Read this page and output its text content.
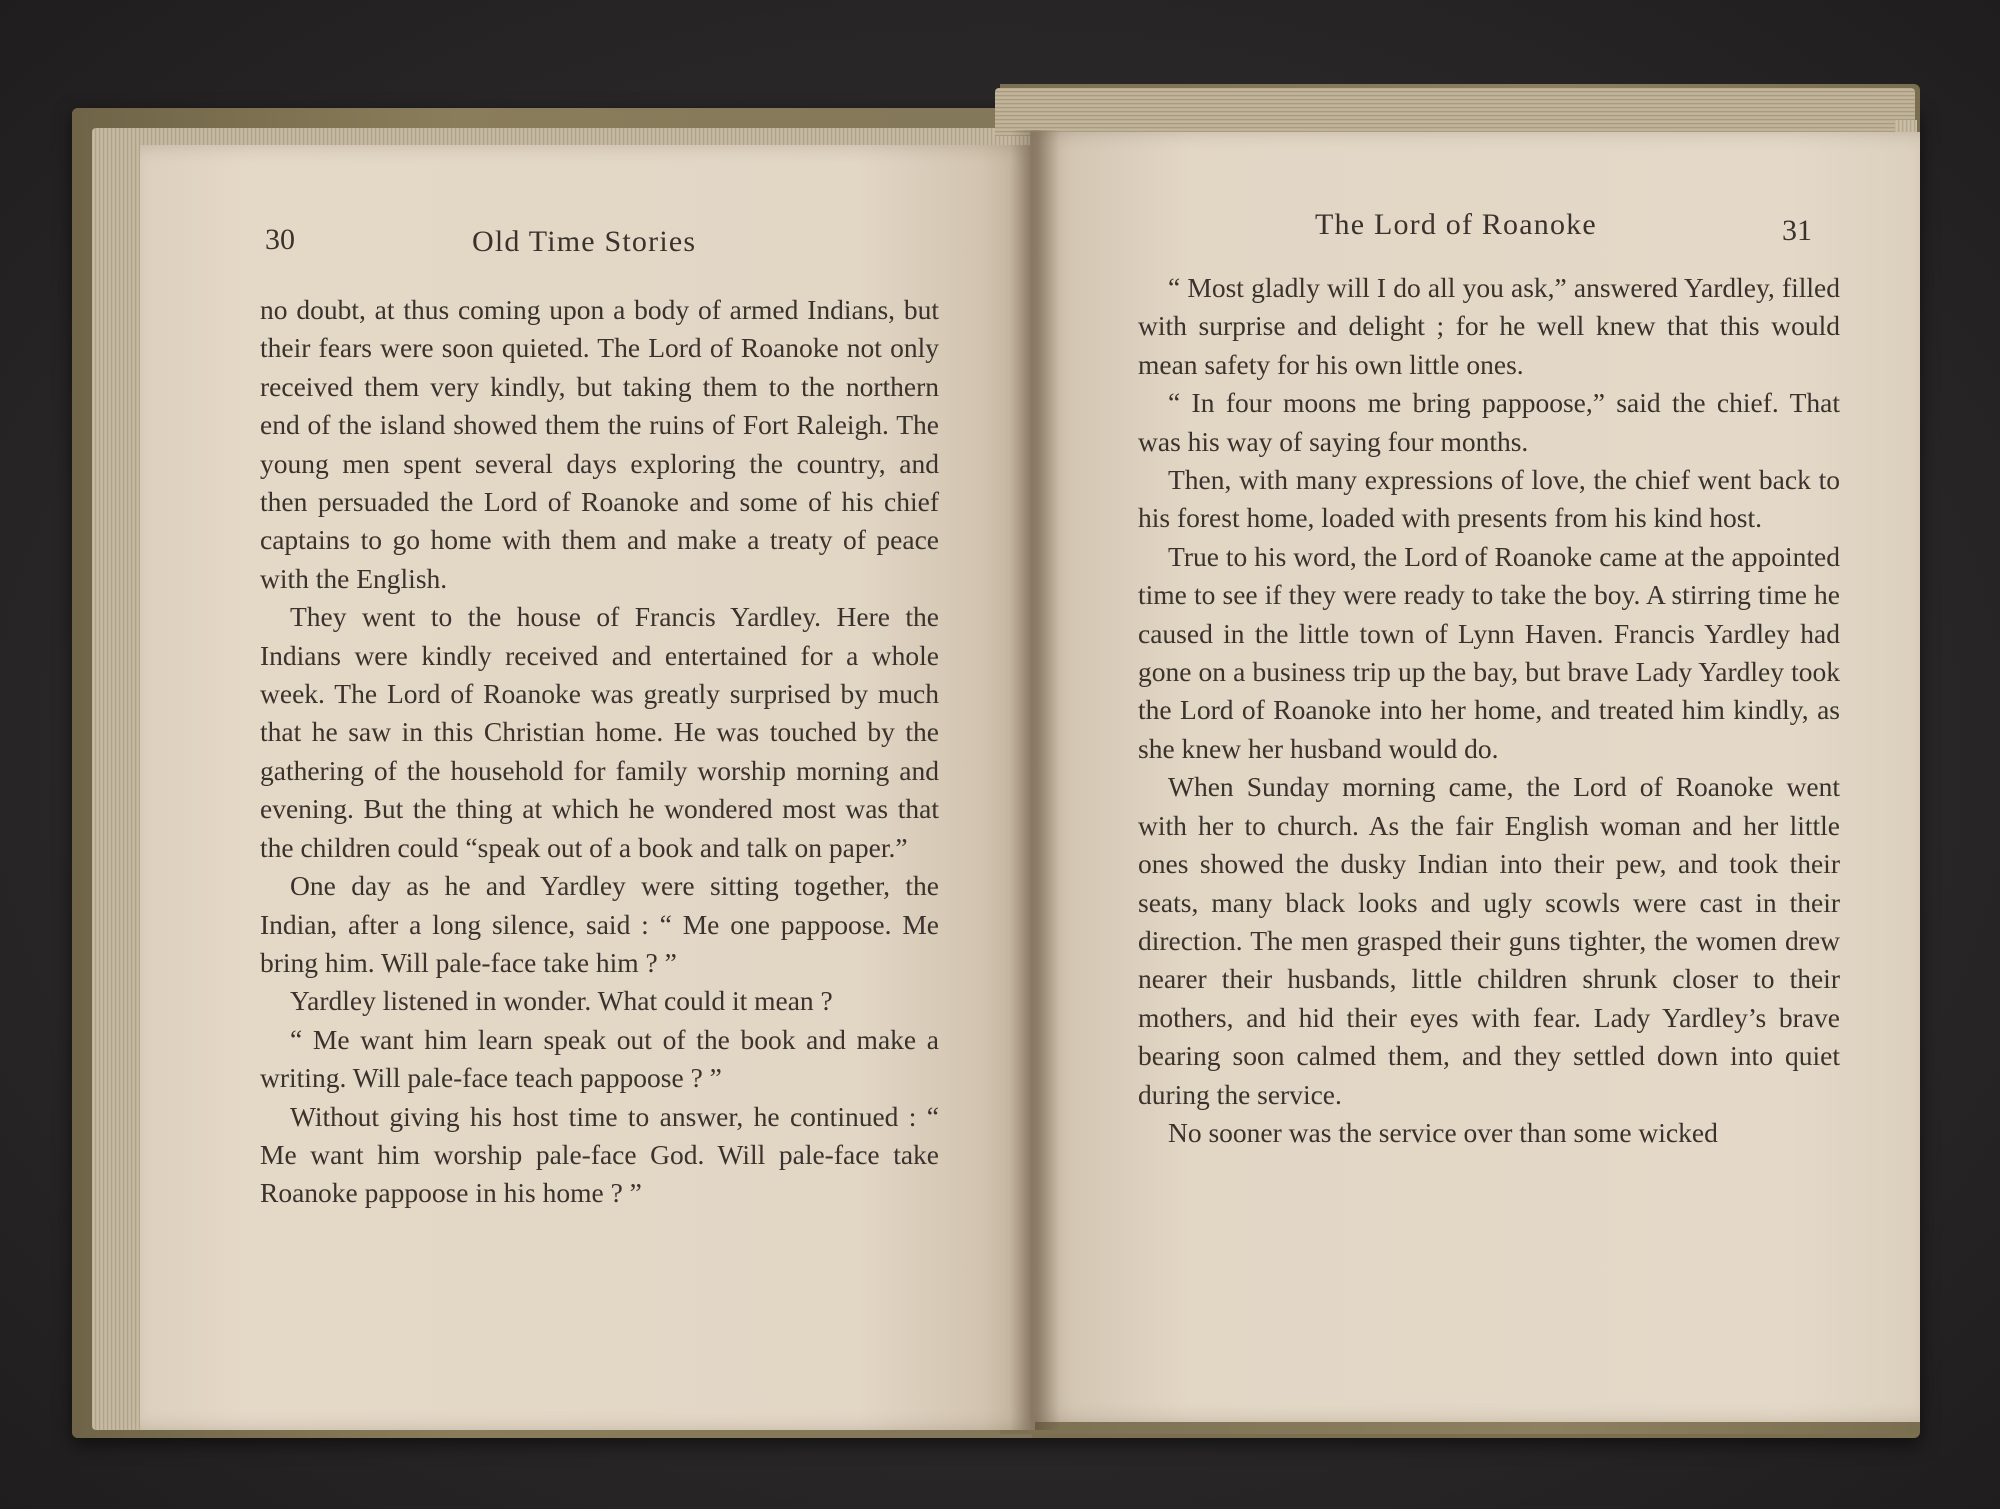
30	Old Time Stories

no doubt, at thus coming upon a body of armed Indians, but their fears were soon quieted. The Lord of Roanoke not only received them very kindly, but taking them to the northern end of the island showed them the ruins of Fort Raleigh. The young men spent several days exploring the country, and then persuaded the Lord of Roanoke and some of his chief captains to go home with them and make a treaty of peace with the English.

They went to the house of Francis Yardley. Here the Indians were kindly received and entertained for a whole week. The Lord of Roanoke was greatly surprised by much that he saw in this Christian home. He was touched by the gathering of the household for family worship morning and evening. But the thing at which he wondered most was that the children could “speak out of a book and talk on paper.”

One day as he and Yardley were sitting together, the Indian, after a long silence, said : “ Me one pappoose. Me bring him. Will pale-face take him ? ”

Yardley listened in wonder. What could it mean ?

“ Me want him learn speak out of the book and make a writing. Will pale-face teach pappoose ? ”

Without giving his host time to answer, he continued : “ Me want him worship pale-face God. Will pale-face take Roanoke pappoose in his home ? ”

The Lord of Roanoke	31

“ Most gladly will I do all you ask,” answered Yardley, filled with surprise and delight ; for he well knew that this would mean safety for his own little ones.

“ In four moons me bring pappoose,” said the chief. That was his way of saying four months.

Then, with many expressions of love, the chief went back to his forest home, loaded with presents from his kind host.

True to his word, the Lord of Roanoke came at the appointed time to see if they were ready to take the boy. A stirring time he caused in the little town of Lynn Haven. Francis Yardley had gone on a business trip up the bay, but brave Lady Yardley took the Lord of Roanoke into her home, and treated him kindly, as she knew her husband would do.

When Sunday morning came, the Lord of Roanoke went with her to church. As the fair English woman and her little ones showed the dusky Indian into their pew, and took their seats, many black looks and ugly scowls were cast in their direction. The men grasped their guns tighter, the women drew nearer their husbands, little children shrunk closer to their mothers, and hid their eyes with fear. Lady Yardley’s brave bearing soon calmed them, and they settled down into quiet during the service.

No sooner was the service over than some wicked
